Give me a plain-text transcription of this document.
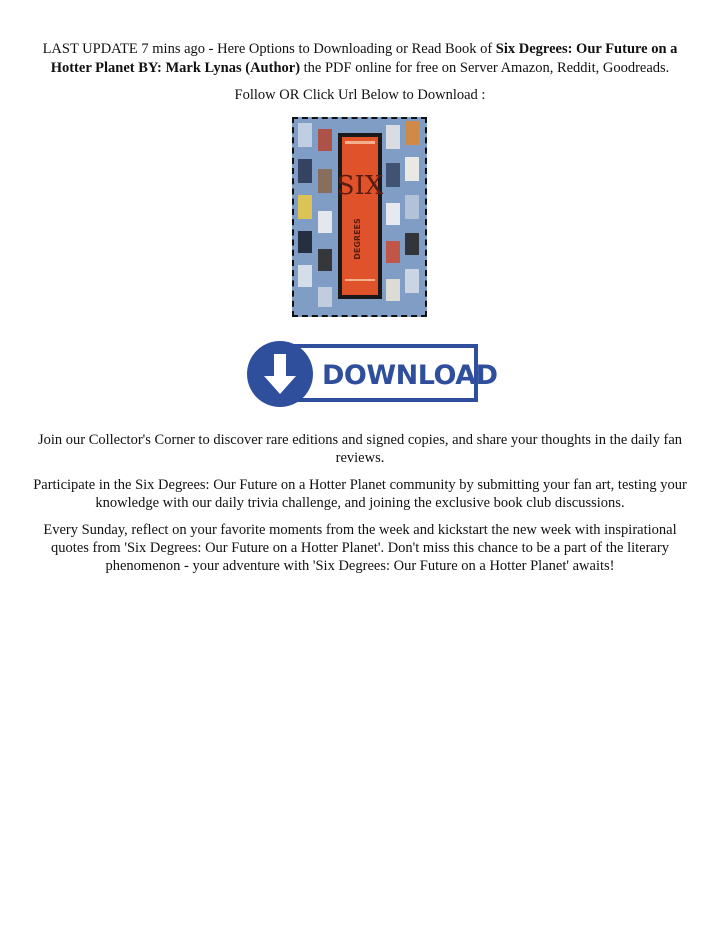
LAST UPDATE 7 mins ago - Here Options to Downloading or Read Book of Six Degrees: Our Future on a Hotter Planet BY: Mark Lynas (Author) the PDF online for free on Server Amazon, Reddit, Goodreads.

Follow OR Click Url Below to Download :

SIX
DEGREES
DOWNLOAD

Join our Collector's Corner to discover rare editions and signed copies, and share your thoughts in the daily fan reviews.

Participate in the Six Degrees: Our Future on a Hotter Planet community by submitting your fan art, testing your knowledge with our daily trivia challenge, and joining the exclusive book club discussions.

Every Sunday, reflect on your favorite moments from the week and kickstart the new week with inspirational quotes from 'Six Degrees: Our Future on a Hotter Planet'. Don't miss this chance to be a part of the literary phenomenon - your adventure with 'Six Degrees: Our Future on a Hotter Planet' awaits!
